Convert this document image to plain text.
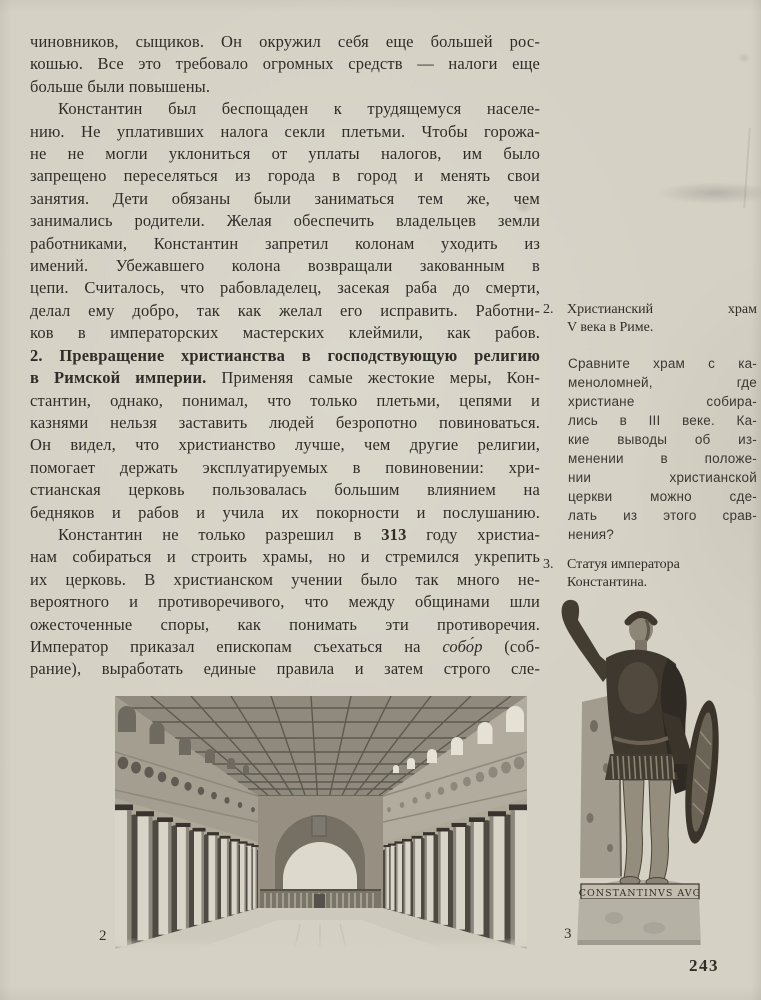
чиновников, сыщиков. Он окружил себя еще большей рос-
кошью. Все это требовало огромных средств — налоги еще
больше были повышены.
Константин был беспощаден к трудящемуся населе-
нию. Не уплативших налога секли плетьми. Чтобы горожа-
не не могли уклониться от уплаты налогов, им было
запрещено переселяться из города в город и менять свои
занятия. Дети обязаны были заниматься тем же, чем
занимались родители. Желая обеспечить владельцев земли
работниками, Константин запретил колонам уходить из
имений. Убежавшего колона возвращали закованным в
цепи. Считалось, что рабовладелец, засекая раба до смерти,
делал ему добро, так как желал его исправить. Работни-
ков в императорских мастерских клеймили, как рабов.
2. Превращение христианства в господствующую религию
в Римской империи. Применяя самые жестокие меры, Кон-
стантин, однако, понимал, что только плетьми, цепями и
казнями нельзя заставить людей безропотно повиноваться.
Он видел, что христианство лучше, чем другие религии,
помогает держать эксплуатируемых в повиновении: хри-
стианская церковь пользовалась большим влиянием на
бедняков и рабов и учила их покорности и послушанию.
Константин не только разрешил в 313 году христиа-
нам собираться и строить храмы, но и стремился укрепить
их церковь. В христианском учении было так много не-
вероятного и противоречивого, что между общинами шли
ожесточенные споры, как понимать эти противоречия.
Император приказал епископам съехаться на собо́р (соб-
рание), выработать единые правила и затем строго сле-
2. Христианский храм
V века в Риме.
Сравните храм с ка-
меноломней, где
христиане собира-
лись в III веке. Ка-
кие выводы об из-
менении в положе-
нии христианской
церкви можно сде-
лать из этого срав-
нения?
3. Статуя императора
Константина.
CONSTANTINVS AVG
2	3
243
